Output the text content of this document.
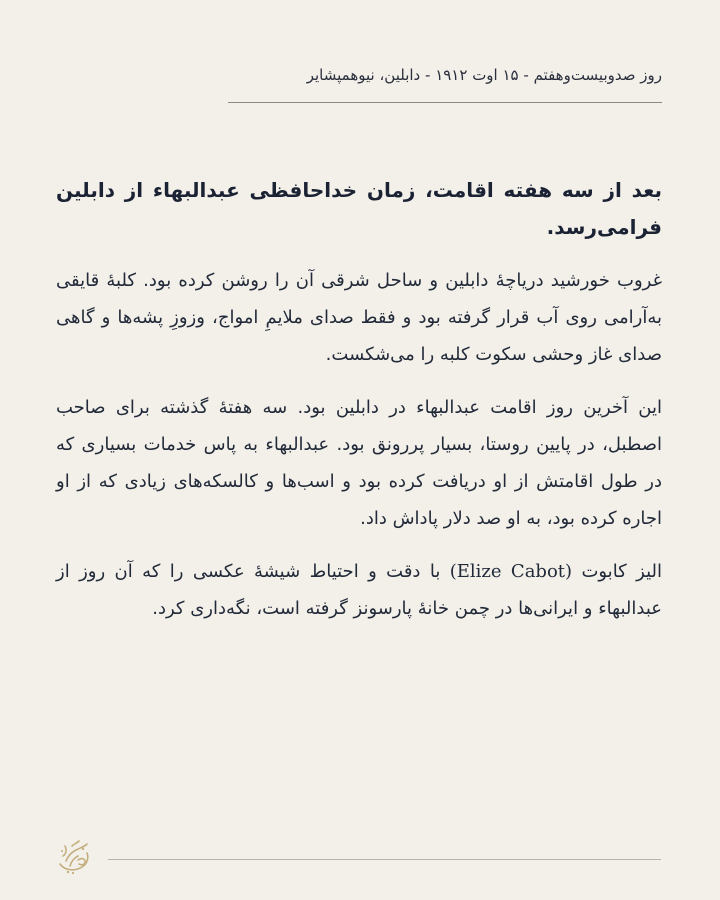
روز صدوبیست‌وهفتم - ۱۵ اوت ۱۹۱۲ - دابلین، نیوهمپشایر

بعد از سه هفته اقامت، زمان خداحافظی عبدالبهاء از دابلین فرامی‌رسد.

غروب خورشید دریاچهٔ دابلین و ساحل شرقی آن را روشن کرده بود. کلبهٔ قایقی به‌آرامی روی آب قرار گرفته بود و فقط صدای ملایمِ امواج، وزوزِ پشه‌ها و گاهی صدای غاز وحشی سکوت کلبه را می‌شکست.

این آخرین روز اقامت عبدالبهاء در دابلین بود. سه هفتهٔ گذشته برای صاحب اصطبل، در پایین روستا، بسیار پررونق بود. عبدالبهاء به پاس خدمات بسیاری که در طول اقامتش از او دریافت کرده بود و اسب‌ها و کالسکه‌های زیادی که از او اجاره کرده بود، به او صد دلار پاداش داد.

الیز کابوت (Elize Cabot) با دقت و احتیاط شیشهٔ عکسی را که آن روز از عبدالبهاء و ایرانی‌ها در چمن خانهٔ پارسونز گرفته است، نگه‌داری کرد.
